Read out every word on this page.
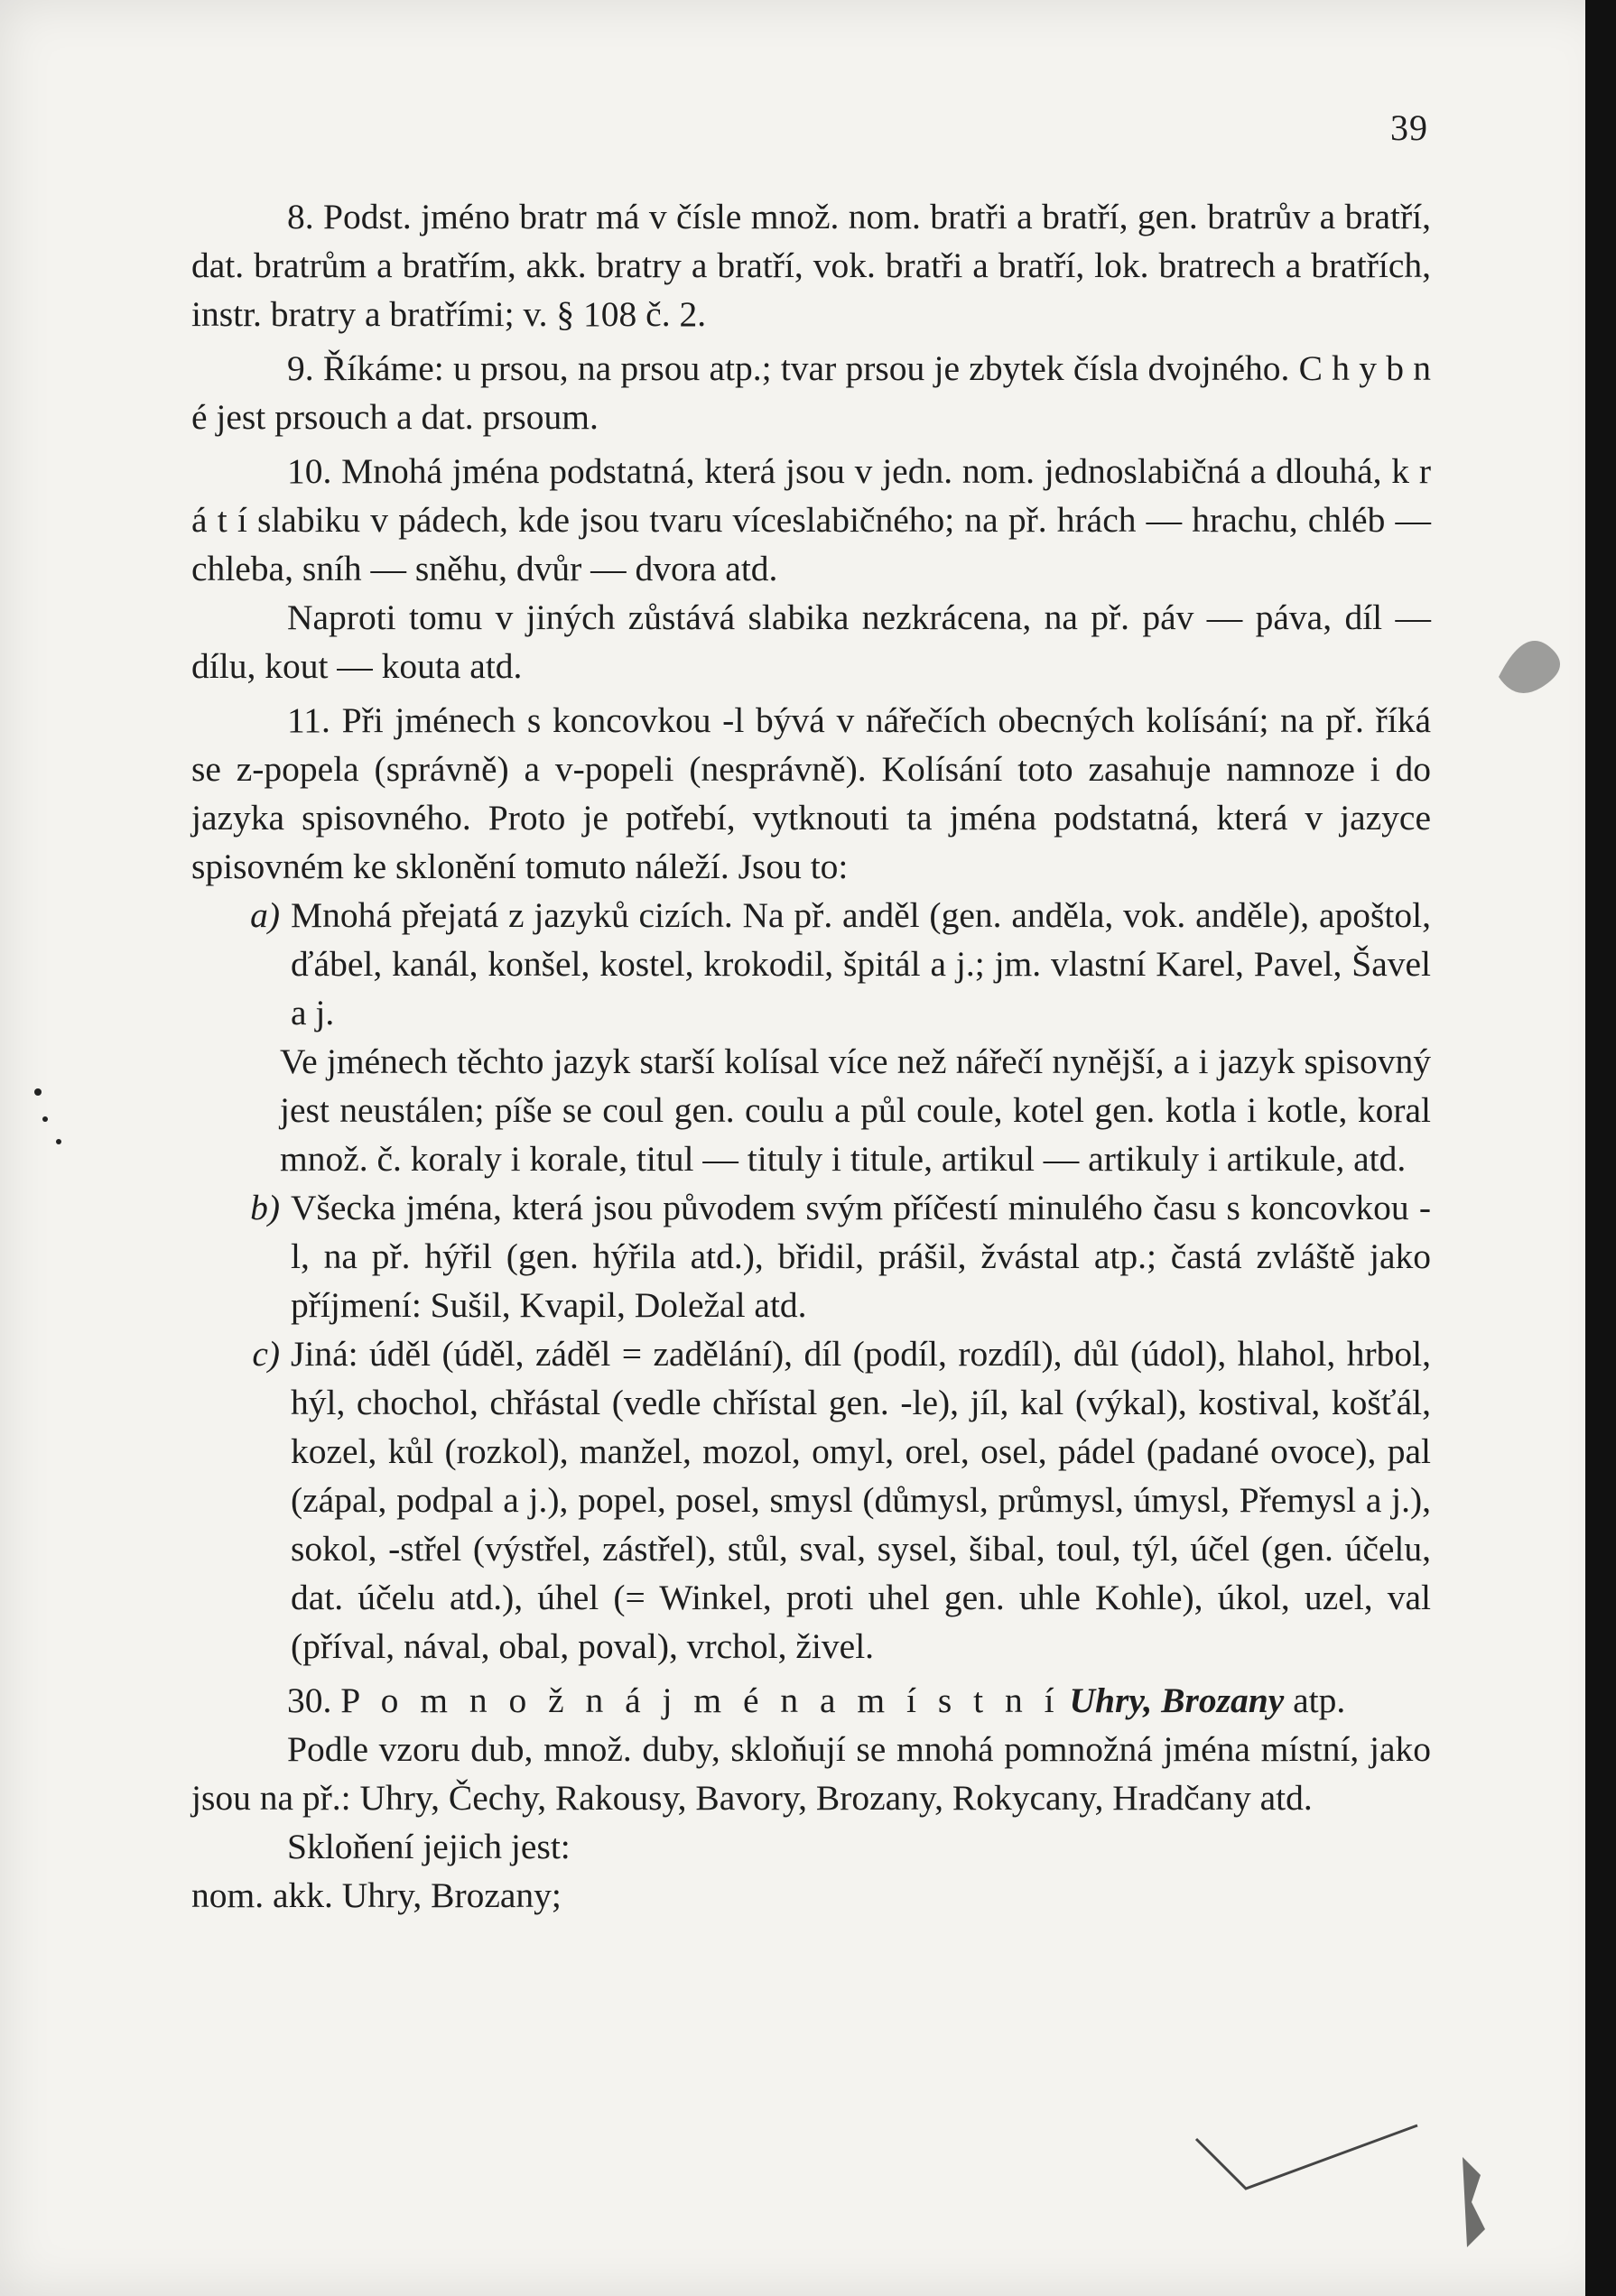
39

8. Podst. jméno bratr má v čísle množ. nom. bratři a bratří, gen. bratrův a bratří, dat. bratrům a bratřím, akk. bratry a bratří, vok. bratři a bratří, lok. bratrech a bratřích, instr. bratry a bratřími; v. § 108 č. 2.

9. Říkáme: u prsou, na prsou atp.; tvar prsou je zbytek čísla dvojného. C h y b n é jest prsouch a dat. prsoum.

10. Mnohá jména podstatná, která jsou v jedn. nom. jednoslabičná a dlouhá, k r á t í slabiku v pádech, kde jsou tvaru víceslabičného; na př. hrách — hrachu, chléb — chleba, sníh — sněhu, dvůr — dvora atd.

Naproti tomu v jiných zůstává slabika nezkrácena, na př. páv — páva, díl — dílu, kout — kouta atd.

11. Při jménech s koncovkou -l bývá v nářečích obecných kolísání; na př. říká se z-popela (správně) a v-popeli (nesprávně). Kolísání toto zasahuje namnoze i do jazyka spisovného. Proto je potřebí, vytknouti ta jména podstatná, která v jazyce spisovném ke sklonění tomuto náleží. Jsou to:

a) Mnohá přejatá z jazyků cizích. Na př. anděl (gen. anděla, vok. anděle), apoštol, ďábel, kanál, konšel, kostel, krokodil, špitál a j.; jm. vlastní Karel, Pavel, Šavel a j.

Ve jménech těchto jazyk starší kolísal více než nářečí nynější, a i jazyk spisovný jest neustálen; píše se coul gen. coulu a půl coule, kotel gen. kotla i kotle, koral množ. č. koraly i korale, titul — tituly i titule, artikul — artikuly i artikule, atd.

b) Všecka jména, která jsou původem svým příčestí minulého času s koncovkou -l, na př. hýřil (gen. hýřila atd.), břidil, prášil, žvástal atp.; častá zvláště jako příjmení: Sušil, Kvapil, Doležal atd.
c) Jiná: úděl (úděl, záděl = zadělání), díl (podíl, rozdíl), důl (údol), hlahol, hrbol, hýl, chochol, chřástal (vedle chřístal gen. -le), jíl, kal (výkal), kostival, košťál, kozel, kůl (rozkol), manžel, mozol, omyl, orel, osel, pádel (padané ovoce), pal (zápal, podpal a j.), popel, posel, smysl (důmysl, průmysl, úmysl, Přemysl a j.), sokol, -střel (výstřel, zástřel), stůl, sval, sysel, šibal, toul, týl, účel (gen. účelu, dat. účelu atd.), úhel (= Winkel, proti uhel gen. uhle Kohle), úkol, uzel, val (příval, nával, obal, poval), vrchol, živel.

30. P o m n o ž n á j m é n a m í s t n í Uhry, Brozany atp.

Podle vzoru dub, množ. duby, skloňují se mnohá pomnožná jména místní, jako jsou na př.: Uhry, Čechy, Rakousy, Bavory, Brozany, Rokycany, Hradčany atd.

Skloňení jejich jest:

nom. akk. Uhry, Brozany;
